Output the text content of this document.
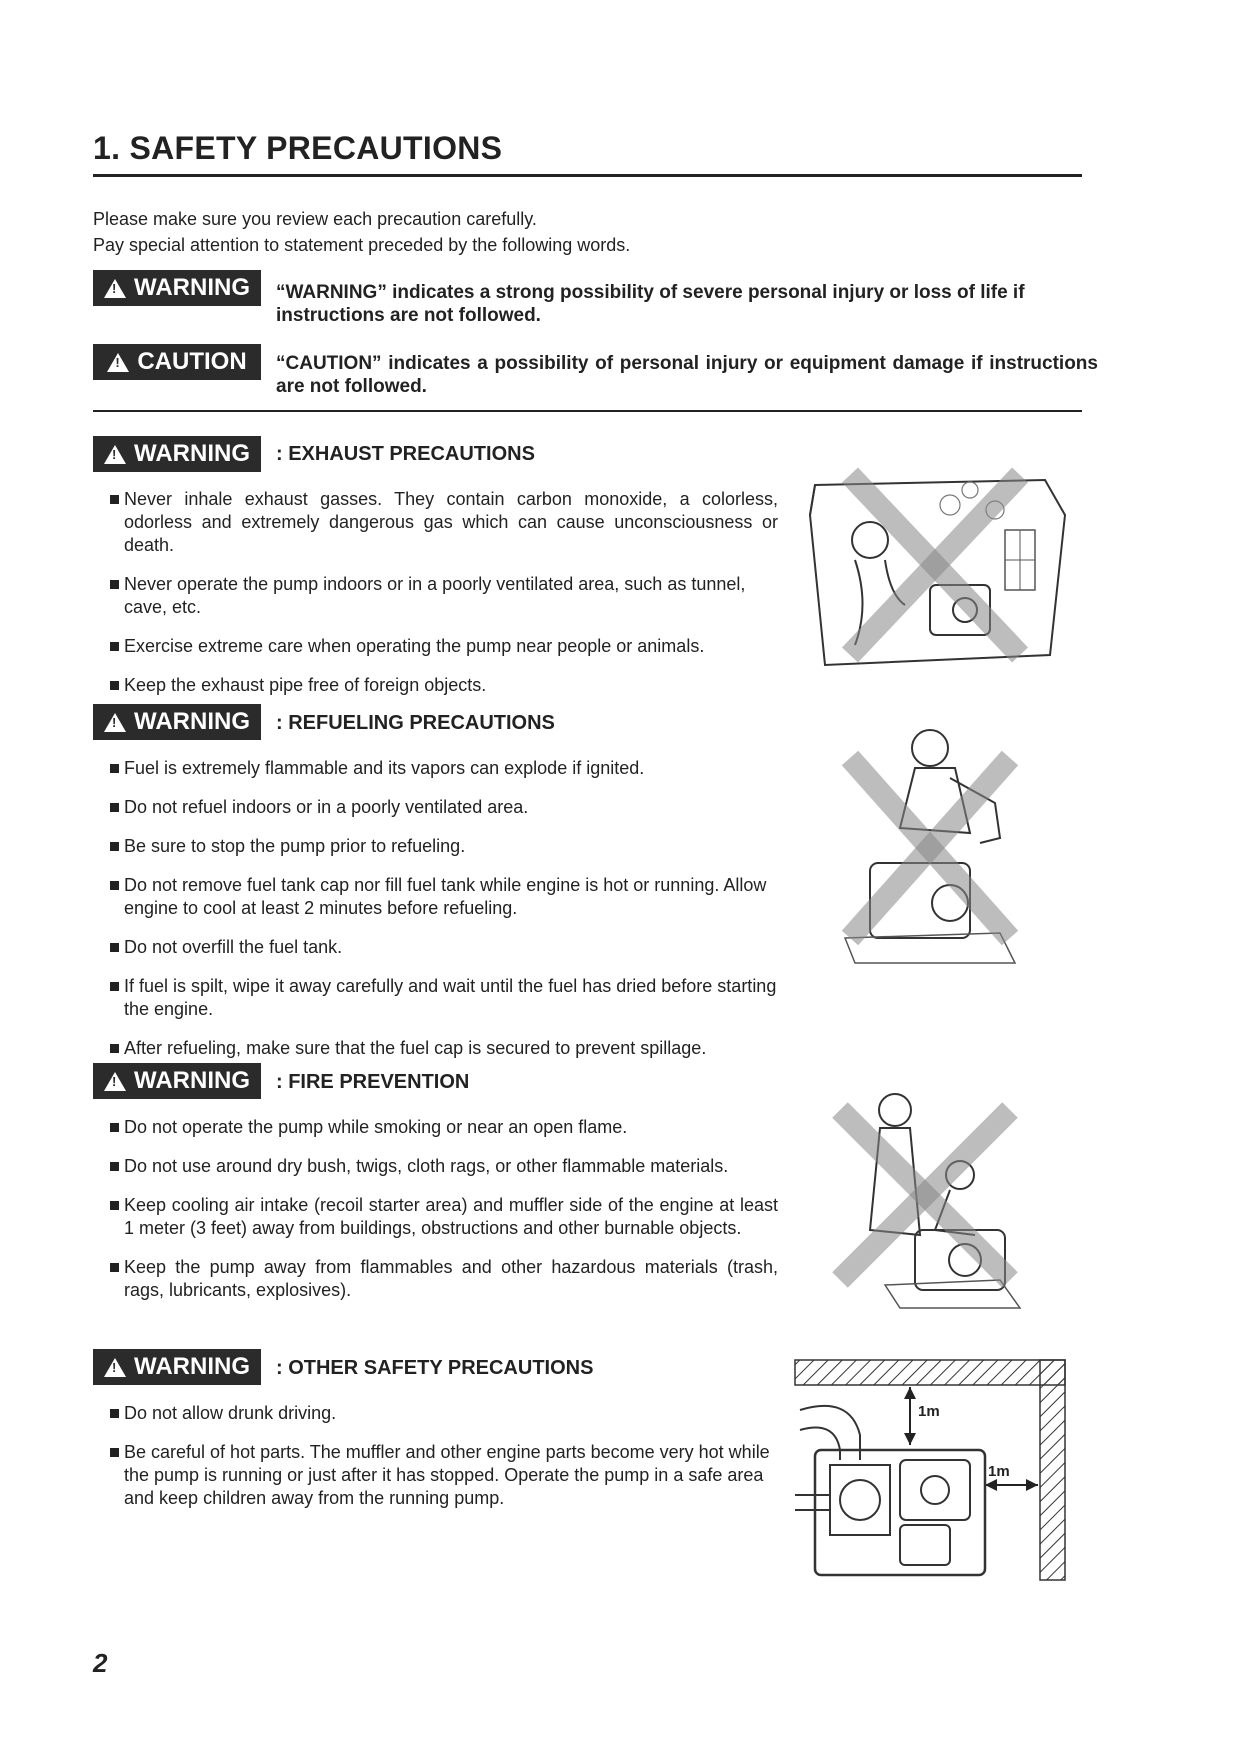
1. SAFETY PRECAUTIONS
Please make sure you review each precaution carefully.
Pay special attention to statement preceded by the following words.
!
WARNING “WARNING” indicates a strong possibility of severe personal injury or loss of life if instructions are not followed.
!
CAUTION “CAUTION” indicates a possibility of personal injury or equipment damage if instructions are not followed.
!
WARNING : EXHAUST PRECAUTIONS
Never inhale exhaust gasses. They contain carbon monoxide, a colorless, odorless and extremely dangerous gas which can cause unconsciousness or death.
Never operate the pump indoors or in a poorly ventilated area, such as tunnel, cave, etc.
Exercise extreme care when operating the pump near people or animals.
Keep the exhaust pipe free of foreign objects.
!
WARNING : REFUELING PRECAUTIONS
Fuel is extremely flammable and its vapors can explode if ignited.
Do not refuel indoors or in a poorly ventilated area.
Be sure to stop the pump prior to refueling.
Do not remove fuel tank cap nor fill fuel tank while engine is hot or running. Allow engine to cool at least 2 minutes before refueling.
Do not overfill the fuel tank.
If fuel is spilt, wipe it away carefully and wait until the fuel has dried before starting the engine.
After refueling, make sure that the fuel cap is secured to prevent spillage.
!
WARNING : FIRE PREVENTION
Do not operate the pump while smoking or near an open flame.
Do not use around dry bush, twigs, cloth rags, or other flammable materials.
Keep cooling air intake (recoil starter area) and muffler side of the engine at least 1 meter (3 feet) away from buildings, obstructions and other burnable objects.
Keep the pump away from flammables and other hazardous materials (trash, rags, lubricants, explosives).
!
WARNING : OTHER SAFETY PRECAUTIONS
Do not allow drunk driving.
Be careful of hot parts. The muffler and other engine parts become very hot while the pump is running or just after it has stopped. Operate the pump in a safe area and keep children away from the running pump.
1m
1m
2
